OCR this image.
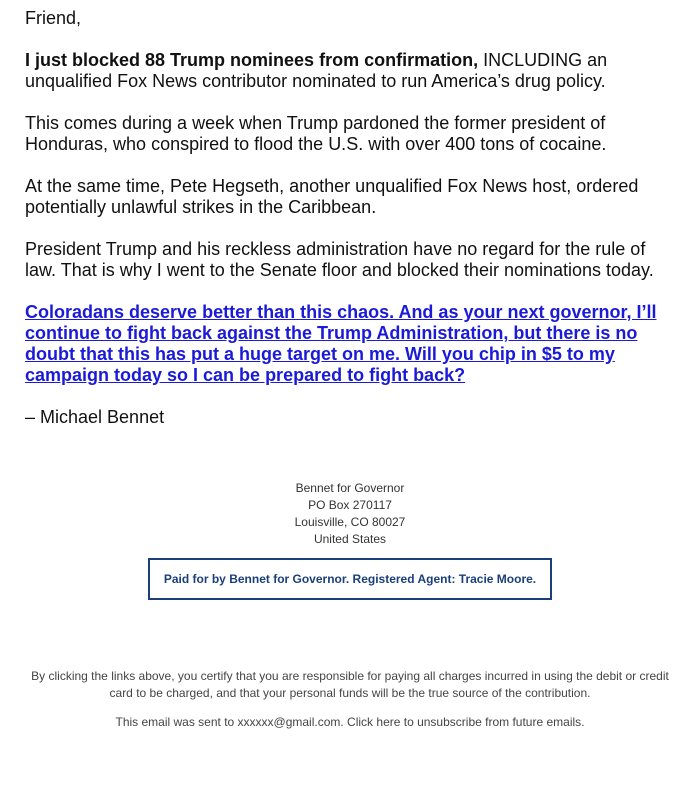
Friend,

I just blocked 88 Trump nominees from confirmation, INCLUDING an unqualified Fox News contributor nominated to run America’s drug policy.

This comes during a week when Trump pardoned the former president of Honduras, who conspired to flood the U.S. with over 400 tons of cocaine.

At the same time, Pete Hegseth, another unqualified Fox News host, ordered potentially unlawful strikes in the Caribbean.

President Trump and his reckless administration have no regard for the rule of law. That is why I went to the Senate floor and blocked their nominations today.

Coloradans deserve better than this chaos. And as your next governor, I’ll continue to fight back against the Trump Administration, but there is no doubt that this has put a huge target on me. Will you chip in $5 to my campaign today so I can be prepared to fight back?

– Michael Bennet

Bennet for Governor
PO Box 270117
Louisville, CO 80027
United States
Paid for by Bennet for Governor. Registered Agent: Tracie Moore.

By clicking the links above, you certify that you are responsible for paying all charges incurred in using the debit or credit card to be charged, and that your personal funds will be the true source of the contribution.

This email was sent to xxxxxx@gmail.com. Click here to unsubscribe from future emails.
